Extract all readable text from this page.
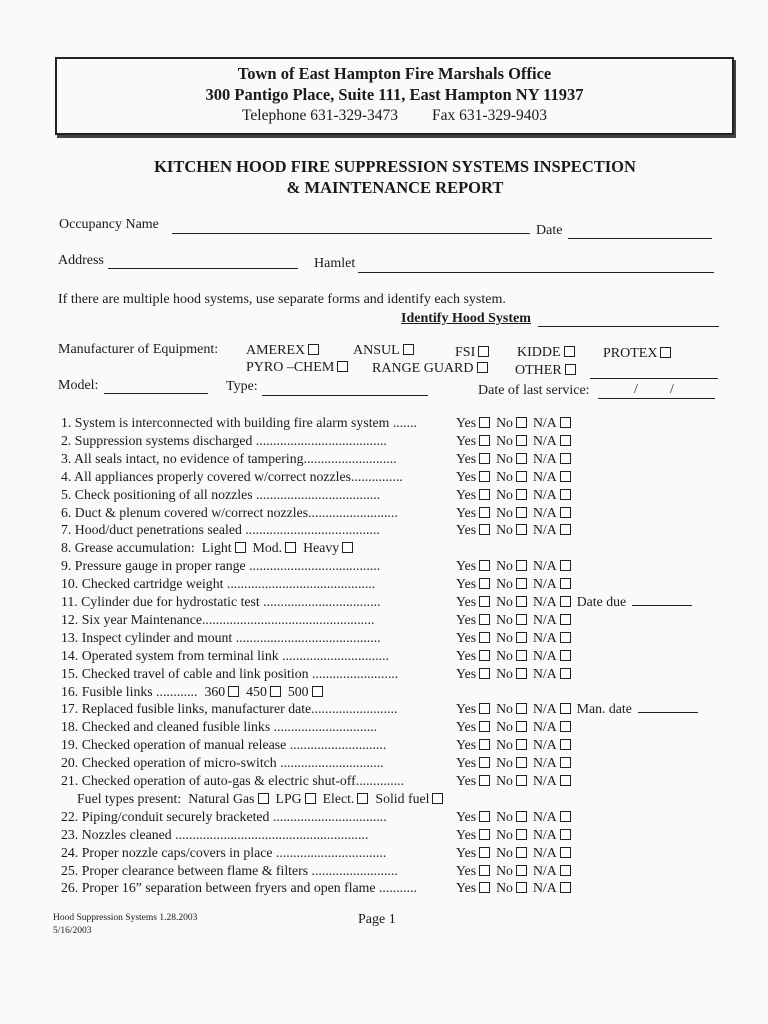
Town of East Hampton Fire Marshals Office
300 Pantigo Place, Suite 111, East Hampton NY 11937
Telephone 631-329-3473 Fax 631-329-9403
KITCHEN HOOD FIRE SUPPRESSION SYSTEMS INSPECTION
& MAINTENANCE REPORT
Occupancy Name	Date
Address	Hamlet
If there are multiple hood systems, use separate forms and identify each system.
Identify Hood System
Manufacturer of Equipment: AMEREX	ANSUL	FSI	KIDDE	PROTEX
PYRO –CHEM	RANGE GUARD	OTHER
Model:	Type:	Date of last service:	/ /
1. System is interconnected with building fire alarm system .......	Yes No N/A
2. Suppression systems discharged ......................................	Yes No N/A
3. All seals intact, no evidence of tampering...........................	Yes No N/A
4. All appliances properly covered w/correct nozzles...............	Yes No N/A
5. Check positioning of all nozzles ....................................	Yes No N/A
6. Duct & plenum covered w/correct nozzles..........................	Yes No N/A
7. Hood/duct penetrations sealed .......................................	Yes No N/A
8. Grease accumulation: Light Mod. Heavy
9. Pressure gauge in proper range ......................................	Yes No N/A
10. Checked cartridge weight ...........................................	Yes No N/A
11. Cylinder due for hydrostatic test ..................................	Yes No N/A Date due
12. Six year Maintenance..................................................	Yes No N/A
13. Inspect cylinder and mount ..........................................	Yes No N/A
14. Operated system from terminal link ...............................	Yes No N/A
15. Checked travel of cable and link position .........................	Yes No N/A
16. Fusible links ............ 360 450 500
17. Replaced fusible links, manufacturer date.........................	Yes No N/A Man. date
18. Checked and cleaned fusible links ..............................	Yes No N/A
19. Checked operation of manual release ............................	Yes No N/A
20. Checked operation of micro-switch ..............................	Yes No N/A
21. Checked operation of auto-gas & electric shut-off..............	Yes No N/A
Fuel types present: Natural Gas LPG Elect. Solid fuel
22. Piping/conduit securely bracketed .................................	Yes No N/A
23. Nozzles cleaned ........................................................	Yes No N/A
24. Proper nozzle caps/covers in place ................................	Yes No N/A
25. Proper clearance between flame & filters .........................	Yes No N/A
26. Proper 16” separation between fryers and open flame ...........	Yes No N/A
Hood Suppression Systems 1.28.2003
5/16/2003
Page 1
